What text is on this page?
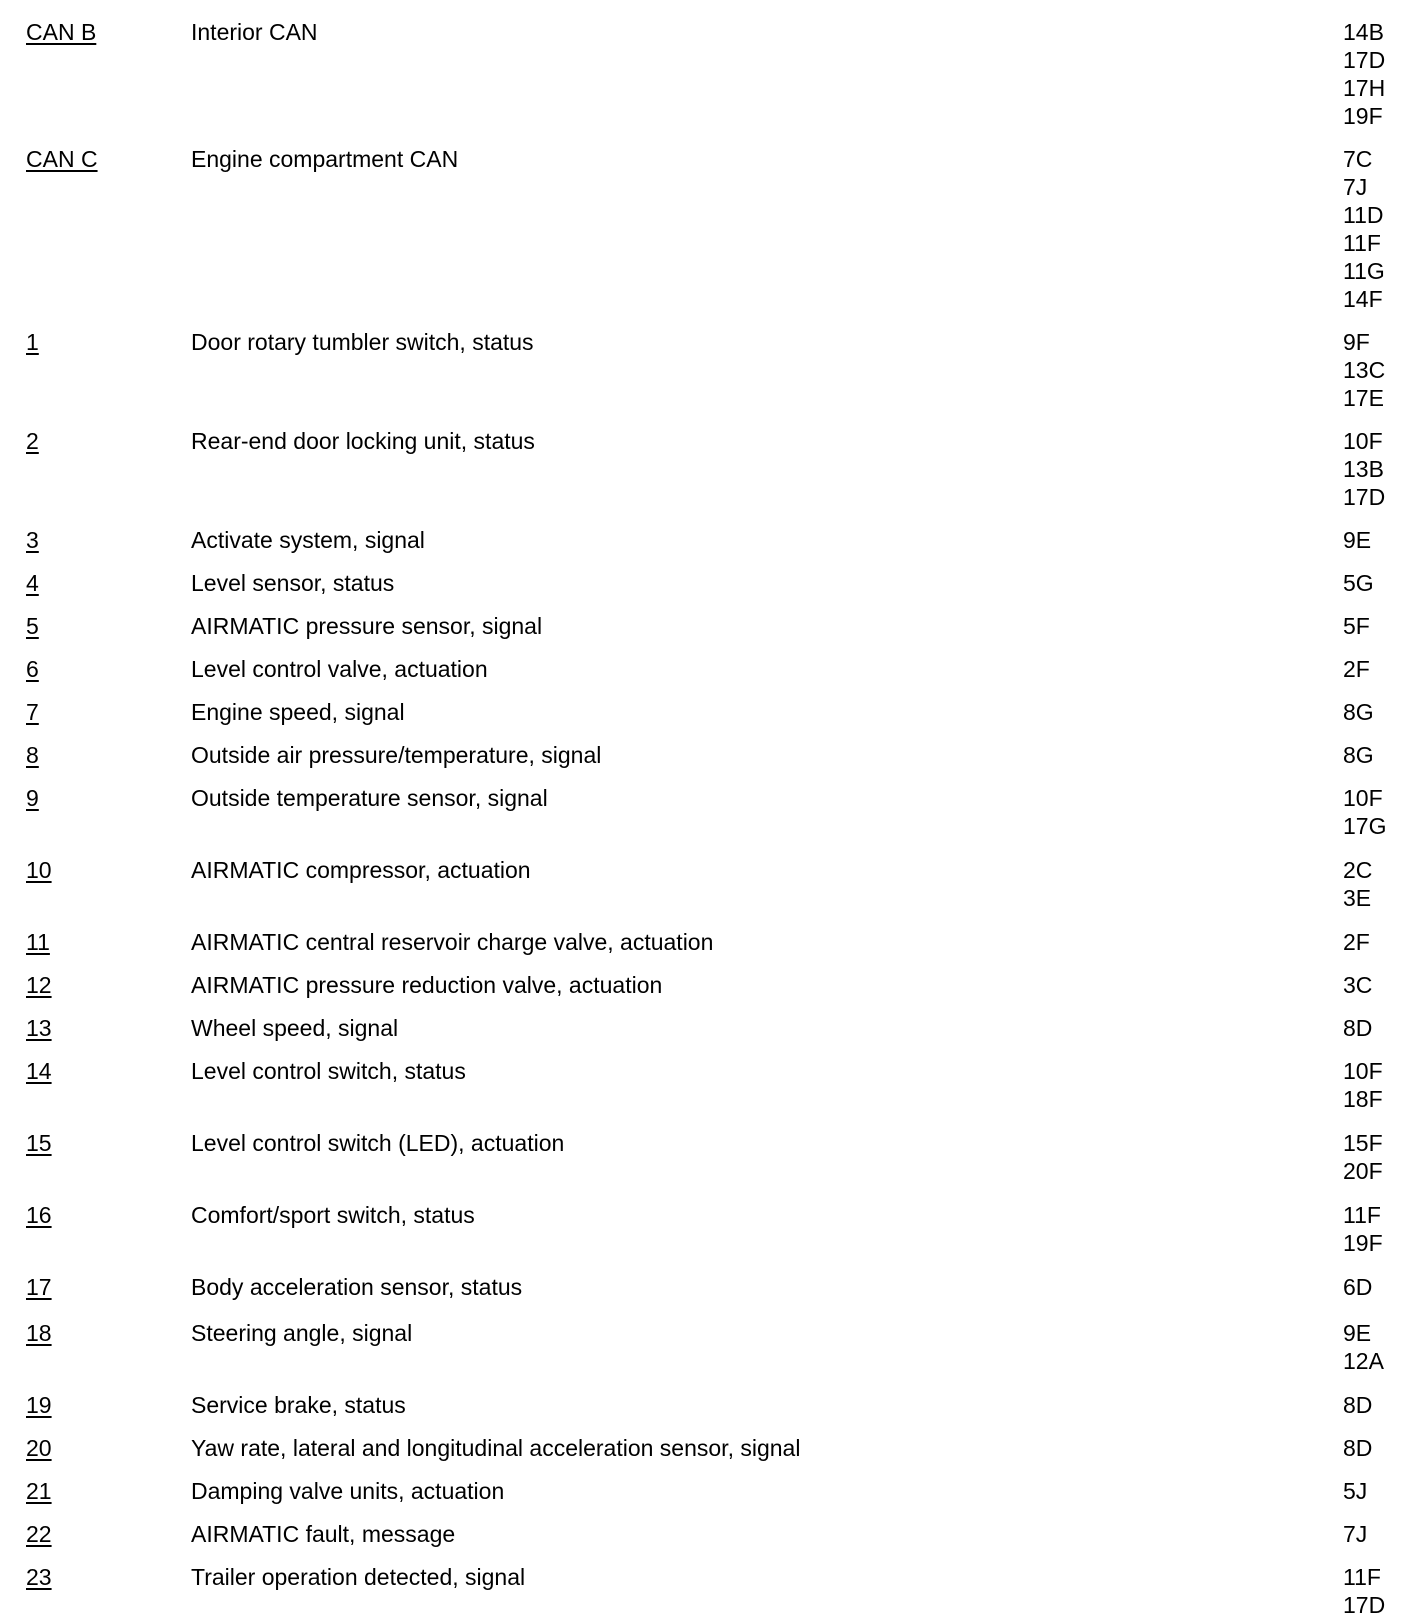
CAN B	Interior CAN	14B
17D
17H
19F
CAN C	Engine compartment CAN	7C
7J
11D
11F
11G
14F
1	Door rotary tumbler switch, status	9F
13C
17E
2	Rear-end door locking unit, status	10F
13B
17D
3	Activate system, signal	9E
4	Level sensor, status	5G
5	AIRMATIC pressure sensor, signal	5F
6	Level control valve, actuation	2F
7	Engine speed, signal	8G
8	Outside air pressure/temperature, signal	8G
9	Outside temperature sensor, signal	10F
17G
10	AIRMATIC compressor, actuation	2C
3E
11	AIRMATIC central reservoir charge valve, actuation	2F
12	AIRMATIC pressure reduction valve, actuation	3C
13	Wheel speed, signal	8D
14	Level control switch, status	10F
18F
15	Level control switch (LED), actuation	15F
20F
16	Comfort/sport switch, status	11F
19F
17	Body acceleration sensor, status	6D
18	Steering angle, signal	9E
12A
19	Service brake, status	8D
20	Yaw rate, lateral and longitudinal acceleration sensor, signal	8D
21	Damping valve units, actuation	5J
22	AIRMATIC fault, message	7J
23	Trailer operation detected, signal	11F
17D
